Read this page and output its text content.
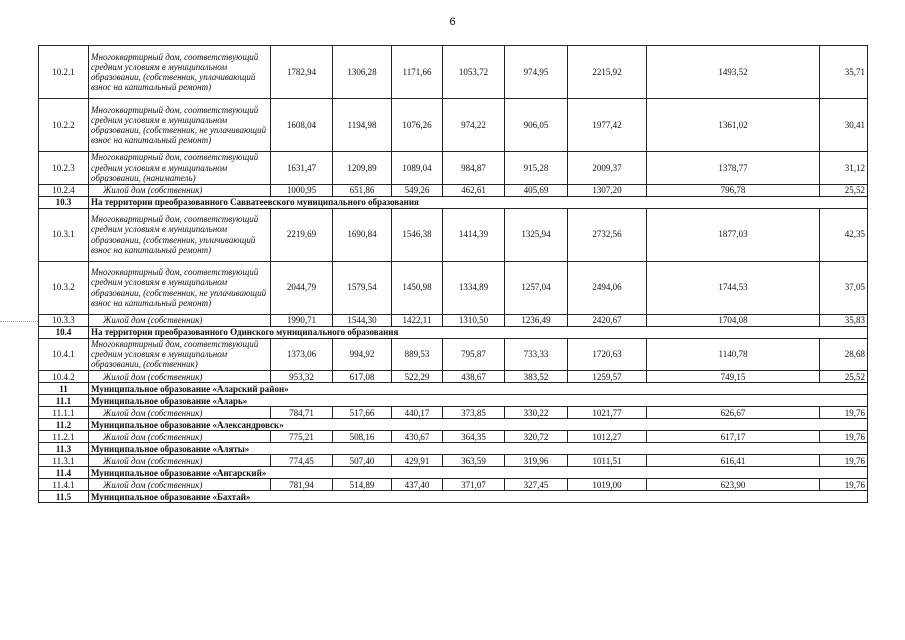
6
10.2.1	Многоквартирный дом, соответствующий средним условиям в муниципальном образовании, (собственник, уплачивающий взнос на капитальный ремонт)	1782,94	1306,28	1171,66	1053,72	974,95	2215,92	1493,52	35,71
10.2.2	Многоквартирный дом, соответствующий средним условиям в муниципальном образовании, (собственник, не уплачивающий взнос на капитальный ремонт)	1608,04	1194,98	1076,26	974,22	906,05	1977,42	1361,02	30,41
10.2.3	Многоквартирный дом, соответствующий средним условиям в муниципальном образовании, (наниматель)	1631,47	1209,89	1089,04	984,87	915,28	2009,37	1378,77	31,12
10.2.4	Жилой дом (собственник)	1000,95	651,86	549,26	462,61	405,69	1307,20	796,78	25,52
10.3	На территории преобразованного Савватеевского муниципального образования								
10.3.1	Многоквартирный дом, соответствующий средним условиям в муниципальном образовании, (собственник, уплачивающий взнос на капитальный ремонт)	2219,69	1690,84	1546,38	1414,39	1325,94	2732,56	1877,03	42,35
10.3.2	Многоквартирный дом, соответствующий средним условиям в муниципальном образовании, (собственник, не уплачивающий взнос на капитальный ремонт)	2044,79	1579,54	1450,98	1334,89	1257,04	2494,06	1744,53	37,05
10.3.3	Жилой дом (собственник)	1990,71	1544,30	1422,11	1310,50	1236,49	2420,67	1704,08	35,83
10.4	На территории преобразованного Одинского муниципального образования								
10.4.1	Многоквартирный дом, соответствующий средним условиям в муниципальном образовании, (собственник)	1373,06	994,92	889,53	795,87	733,33	1720,63	1140,78	28,68
10.4.2	Жилой дом (собственник)	953,32	617,08	522,29	438,67	383,52	1259,57	749,15	25,52
11	Муниципальное образование «Аларский район»								
11.1	Муниципальное образование «Аларь»								
11.1.1	Жилой дом (собственник)	784,71	517,66	440,17	373,85	330,22	1021,77	626,67	19,76
11.2	Муниципальное образование «Александровск»								
11.2.1	Жилой дом (собственник)	775,21	508,16	430,67	364,35	320,72	1012,27	617,17	19,76
11.3	Муниципальное образование «Аляты»								
11.3.1	Жилой дом (собственник)	774,45	507,40	429,91	363,59	319,96	1011,51	616,41	19,76
11.4	Муниципальное образование «Ангарский»								
11.4.1	Жилой дом (собственник)	781,94	514,89	437,40	371,07	327,45	1019,00	623,90	19,76
11.5	Муниципальное образование «Бахтай»								
